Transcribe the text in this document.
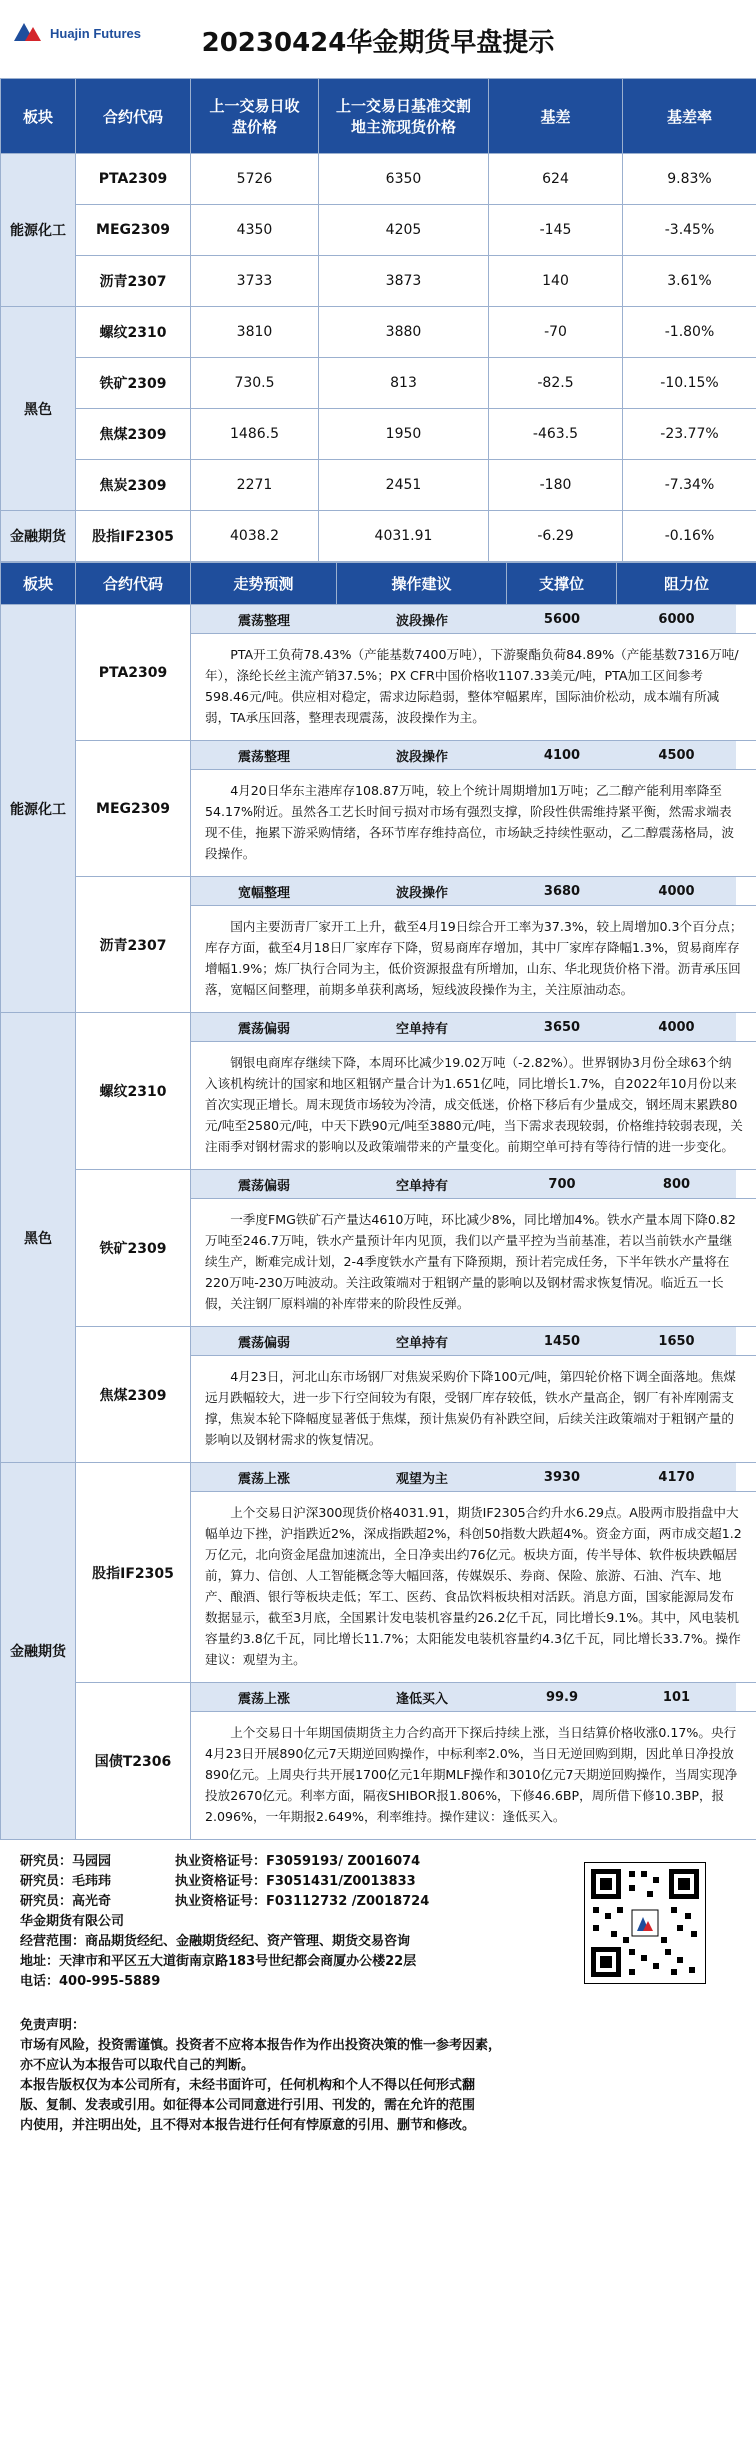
Huajin Futures	20230424华金期货早盘提示
板块	合约代码	上一交易日收盘价格	上一交易日基准交割地主流现货价格	基差	基差率
能源化工	PTA2309	5726	6350	624	9.83%
	MEG2309	4350	4205	-145	-3.45%
	沥青2307	3733	3873	140	3.61%
黑色	螺纹2310	3810	3880	-70	-1.80%
	铁矿2309	730.5	813	-82.5	-10.15%
	焦煤2309	1486.5	1950	-463.5	-23.77%
	焦炭2309	2271	2451	-180	-7.34%
金融期货	股指IF2305	4038.2	4031.91	-6.29	-0.16%
板块	合约代码	走势预测	操作建议	支撑位	阻力位
能源化工	PTA2309	震荡整理 波段操作 5600 6000
PTA开工负荷78.43%（产能基数7400万吨），下游聚酯负荷84.89%（产能基数7316万吨/年），涤纶长丝主流产销37.5%；PX CFR中国价格收1107.33美元/吨，PTA加工区间参考598.46元/吨。供应相对稳定，需求边际趋弱，整体窄幅累库，国际油价松动，成本端有所减弱，TA承压回落，整理表现震荡，波段操作为主。			

	MEG2309	震荡整理 波段操作 4100 4500
4月20日华东主港库存108.87万吨，较上个统计周期增加1万吨；乙二醇产能利用率降至54.17%附近。虽然各工艺长时间亏损对市场有强烈支撑，阶段性供需维持紧平衡，然需求端表现不佳，拖累下游采购情绪，各环节库存维持高位，市场缺乏持续性驱动，乙二醇震荡格局，波段操作。			

	沥青2307	宽幅整理 波段操作 3680 4000
国内主要沥青厂家开工上升，截至4月19日综合开工率为37.3%，较上周增加0.3个百分点；库存方面，截至4月18日厂家库存下降，贸易商库存增加，其中厂家库存降幅1.3%，贸易商库存增幅1.9%；炼厂执行合同为主，低价资源报盘有所增加，山东、华北现货价格下滑。沥青承压回落，宽幅区间整理，前期多单获利离场，短线波段操作为主，关注原油动态。			

黑色	螺纹2310	震荡偏弱 空单持有 3650 4000
钢银电商库存继续下降，本周环比减少19.02万吨（-2.82%）。世界钢协3月份全球63个纳入该机构统计的国家和地区粗钢产量合计为1.651亿吨，同比增长1.7%，自2022年10月份以来首次实现正增长。周末现货市场较为冷清，成交低迷，价格下移后有少量成交，钢坯周末累跌80元/吨至2580元/吨，中天下跌90元/吨至3880元/吨，当下需求表现较弱，价格维持较弱表现，关注雨季对钢材需求的影响以及政策端带来的产量变化。前期空单可持有等待行情的进一步变化。			

	铁矿2309	震荡偏弱 空单持有 700 800
一季度FMG铁矿石产量达4610万吨，环比减少8%，同比增加4%。铁水产量本周下降0.82万吨至246.7万吨，铁水产量预计年内见顶，我们以产量平控为当前基准，若以当前铁水产量继续生产，断难完成计划，2-4季度铁水产量有下降预期，预计若完成任务，下半年铁水产量将在220万吨-230万吨波动。关注政策端对于粗钢产量的影响以及钢材需求恢复情况。临近五一长假，关注钢厂原料端的补库带来的阶段性反弹。			

	焦煤2309	震荡偏弱 空单持有 1450 1650
4月23日，河北山东市场钢厂对焦炭采购价下降100元/吨，第四轮价格下调全面落地。焦煤远月跌幅较大，进一步下行空间较为有限，受钢厂库存较低，铁水产量高企，钢厂有补库刚需支撑，焦炭本轮下降幅度显著低于焦煤，预计焦炭仍有补跌空间，后续关注政策端对于粗钢产量的影响以及钢材需求的恢复情况。			

金融期货	股指IF2305	震荡上涨 观望为主 3930 4170
上个交易日沪深300现货价格4031.91，期货IF2305合约升水6.29点。A股两市股指盘中大幅单边下挫，沪指跌近2%，深成指跌超2%，科创50指数大跌超4%。资金方面，两市成交超1.2万亿元，北向资金尾盘加速流出，全日净卖出约76亿元。板块方面，传半导体、软件板块跌幅居前，算力、信创、人工智能概念等大幅回落，传媒娱乐、券商、保险、旅游、石油、汽车、地产、酿酒、银行等板块走低；军工、医药、食品饮料板块相对活跃。消息方面，国家能源局发布数据显示，截至3月底，全国累计发电装机容量约26.2亿千瓦，同比增长9.1%。其中，风电装机容量约3.8亿千瓦，同比增长11.7%；太阳能发电装机容量约4.3亿千瓦，同比增长33.7%。操作建议：观望为主。			

	国债T2306	震荡上涨 逢低买入 99.9 101
上个交易日十年期国债期货主力合约高开下探后持续上涨，当日结算价格收涨0.17%。央行4月23日开展890亿元7天期逆回购操作，中标利率2.0%，当日无逆回购到期，因此单日净投放890亿元。上周央行共开展1700亿元1年期MLF操作和3010亿元7天期逆回购操作，当周实现净投放2670亿元。利率方面，隔夜SHIBOR报1.806%，下修46.6BP，周所借下修10.3BP，报2.096%，一年期报2.649%，利率维持。操作建议：逢低买入。			
研究员：马园园	执业资格证号：F3059193/ Z0016074
研究员：毛玮玮	执业资格证号：F3051431/Z0013833
研究员：高光奇	执业资格证号：F03112732 /Z0018724
华金期货有限公司
经营范围：商品期货经纪、金融期货经纪、资产管理、期货交易咨询
地址：天津市和平区五大道街南京路183号世纪都会商厦办公楼22层
电话：400-995-5889
免责声明：
市场有风险，投资需谨慎。投资者不应将本报告作为作出投资决策的惟一参考因素，
亦不应认为本报告可以取代自己的判断。
本报告版权仅为本公司所有，未经书面许可，任何机构和个人不得以任何形式翻
版、复制、发表或引用。如征得本公司同意进行引用、刊发的，需在允许的范围
内使用，并注明出处，且不得对本报告进行任何有悖原意的引用、删节和修改。
